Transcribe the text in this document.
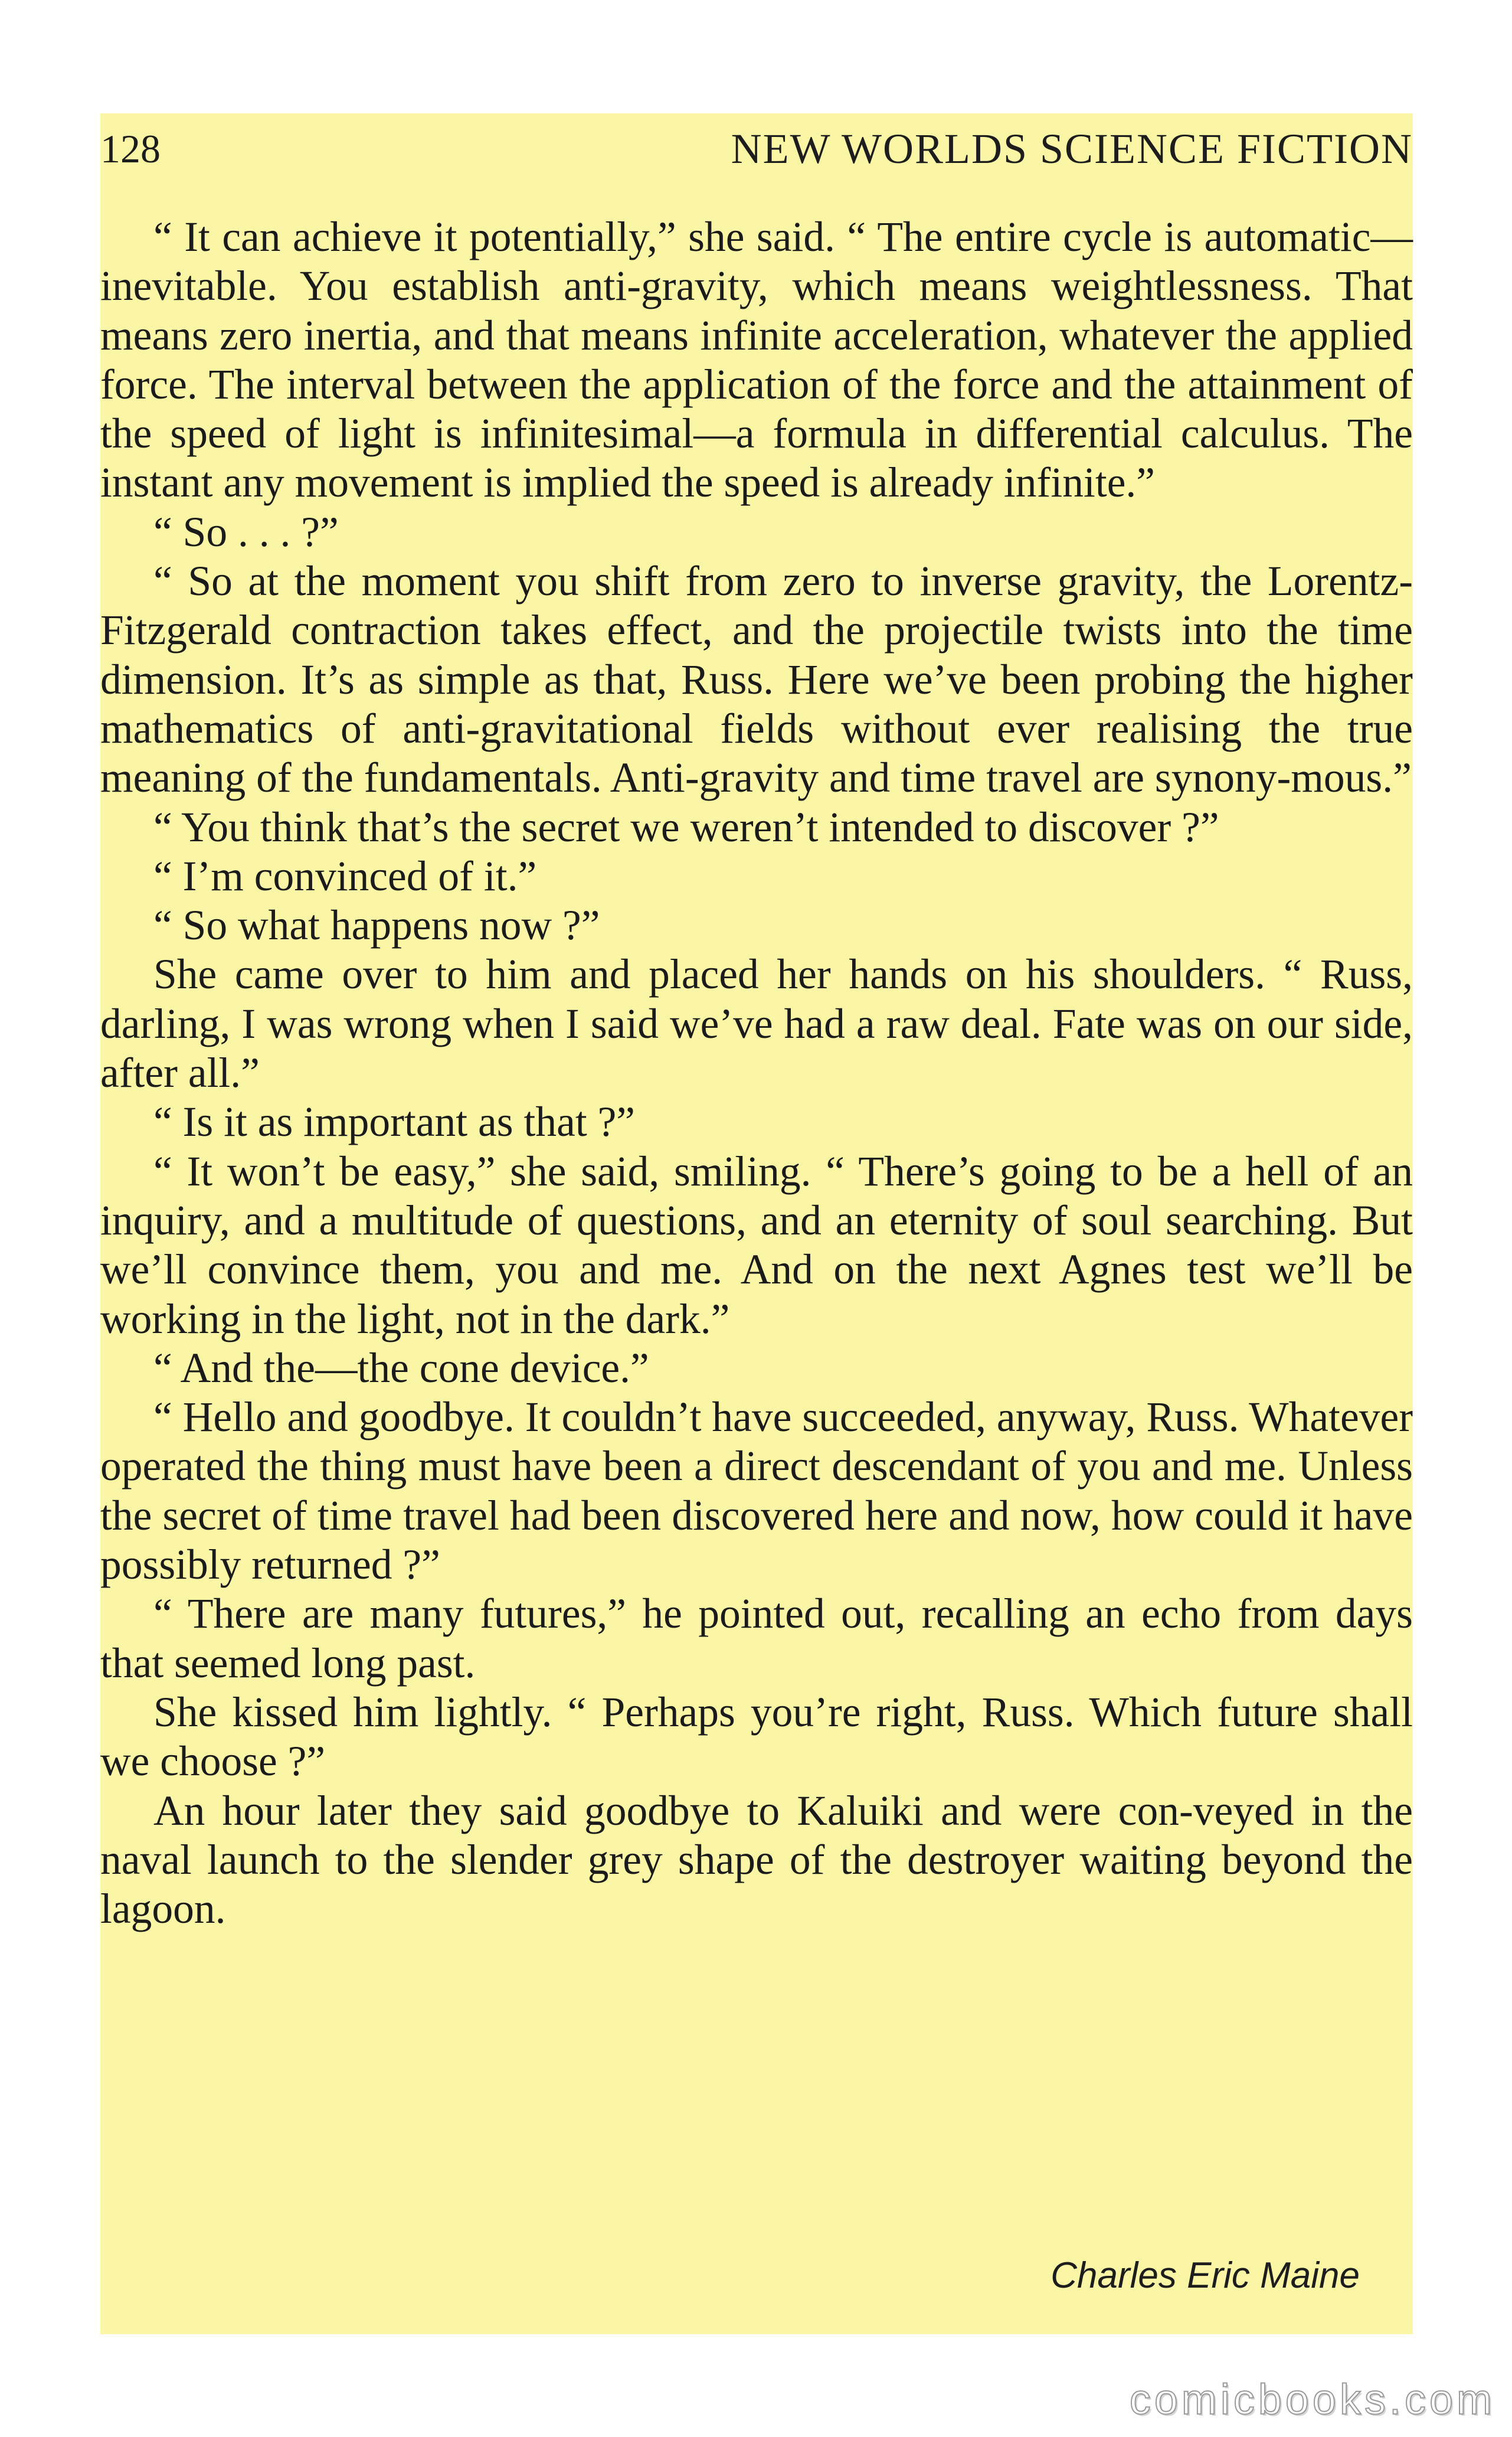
128	NEW WORLDS SCIENCE FICTION

“ It can achieve it potentially,” she said. “ The entire cycle is automatic—inevitable. You establish anti-gravity, which means weightlessness. That means zero inertia, and that means infinite acceleration, whatever the applied force. The interval between the application of the force and the attainment of the speed of light is infinitesimal—a formula in differential calculus. The instant any movement is implied the speed is already infinite.”

“ So . . . ?”

“ So at the moment you shift from zero to inverse gravity, the Lorentz-Fitzgerald contraction takes effect, and the projectile twists into the time dimension. It’s as simple as that, Russ. Here we’ve been probing the higher mathematics of anti-gravitational fields without ever realising the true meaning of the fundamentals. Anti-gravity and time travel are synony-mous.”

“ You think that’s the secret we weren’t intended to discover ?”

“ I’m convinced of it.”

“ So what happens now ?”

She came over to him and placed her hands on his shoulders. “ Russ, darling, I was wrong when I said we’ve had a raw deal. Fate was on our side, after all.”

“ Is it as important as that ?”

“ It won’t be easy,” she said, smiling. “ There’s going to be a hell of an inquiry, and a multitude of questions, and an eternity of soul searching. But we’ll convince them, you and me. And on the next Agnes test we’ll be working in the light, not in the dark.”

“ And the—the cone device.”

“ Hello and goodbye. It couldn’t have succeeded, anyway, Russ. Whatever operated the thing must have been a direct descendant of you and me. Unless the secret of time travel had been discovered here and now, how could it have possibly returned ?”

“ There are many futures,” he pointed out, recalling an echo from days that seemed long past.

She kissed him lightly. “ Perhaps you’re right, Russ. Which future shall we choose ?”

An hour later they said goodbye to Kaluiki and were con-veyed in the naval launch to the slender grey shape of the destroyer waiting beyond the lagoon.

Charles Eric Maine
comicbooks.com
